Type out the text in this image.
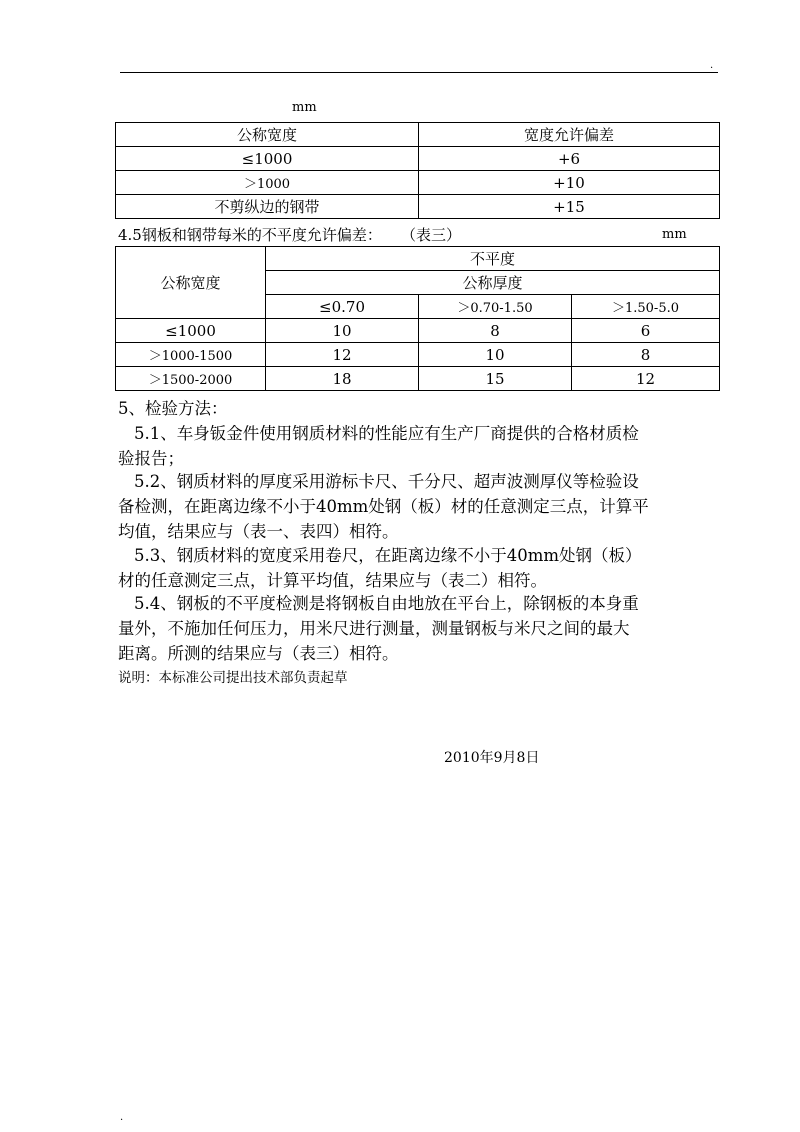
.
mm
公称宽度	宽度允许偏差
≤1000	+6
＞1000	+10
不剪纵边的钢带	+15
4.5钢板和钢带每米的不平度允许偏差： （表三）	mm
公称宽度	不平度		
	公称厚度		
	≤0.70	＞0.70-1.50	＞1.50-5.0
≤1000	10	8	6
＞1000-1500	12	10	8
＞1500-2000	18	15	12
5、检验方法：
5.1、车身钣金件使用钢质材料的性能应有生产厂商提供的合格材质检
验报告；
5.2、钢质材料的厚度采用游标卡尺、千分尺、超声波测厚仪等检验设
备检测，在距离边缘不小于40mm处钢（板）材的任意测定三点，计算平
均值，结果应与（表一、表四）相符。
5.3、钢质材料的宽度采用卷尺，在距离边缘不小于40mm处钢（板）
材的任意测定三点，计算平均值，结果应与（表二）相符。
5.4、钢板的不平度检测是将钢板自由地放在平台上，除钢板的本身重
量外，不施加任何压力，用米尺进行测量，测量钢板与米尺之间的最大
距离。所测的结果应与（表三）相符。
说明：本标准公司提出技术部负责起草
2010年9月8日
.
